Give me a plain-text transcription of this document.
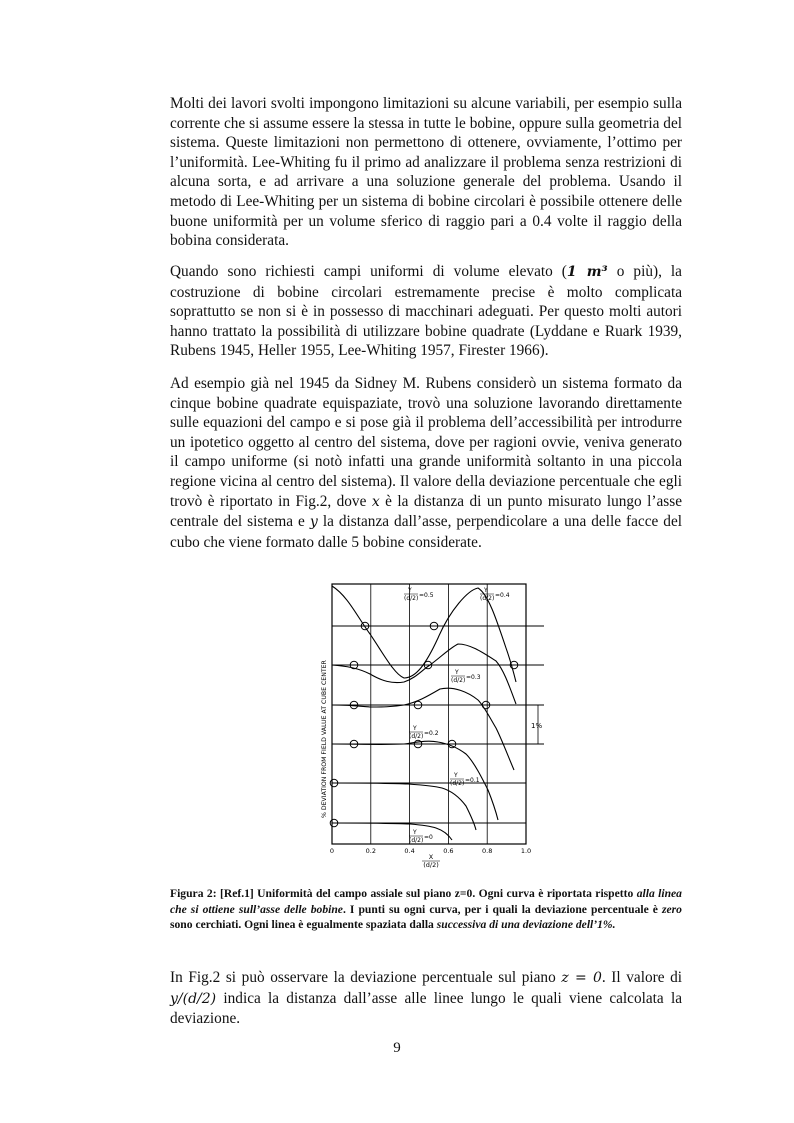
Molti dei lavori svolti impongono limitazioni su alcune variabili, per esempio sulla corrente che si assume essere la stessa in tutte le bobine, oppure sulla geometria del sistema. Queste limitazioni non permettono di ottenere, ovviamente, l’ottimo per l’uniformità. Lee-Whiting fu il primo ad analizzare il problema senza restrizioni di alcuna sorta, e ad arrivare a una soluzione generale del problema. Usando il metodo di Lee-Whiting per un sistema di bobine circolari è possibile ottenere delle buone uniformità per un volume sferico di raggio pari a 0.4 volte il raggio della bobina considerata.

Quando sono richiesti campi uniformi di volume elevato (1 m³ o più), la costruzione di bobine circolari estremamente precise è molto complicata soprattutto se non si è in possesso di macchinari adeguati. Per questo molti autori hanno trattato la possibilità di utilizzare bobine quadrate (Lyddane e Ruark 1939, Rubens 1945, Heller 1955, Lee-Whiting 1957, Firester 1966).

Ad esempio già nel 1945 da Sidney M. Rubens considerò un sistema formato da cinque bobine quadrate equispaziate, trovò una soluzione lavorando direttamente sulle equazioni del campo e si pose già il problema dell’accessibilità per introdurre un ipotetico oggetto al centro del sistema, dove per ragioni ovvie, veniva generato il campo uniforme (si notò infatti una grande uniformità soltanto in una piccola regione vicina al centro del sistema). Il valore della deviazione percentuale che egli trovò è riportato in Fig.2, dove x è la distanza di un punto misurato lungo l’asse centrale del sistema e y la distanza dall’asse, perpendicolare a una delle facce del cubo che viene formato dalle 5 bobine considerate.

1%
Y
(d/2) =0.5
Y
(d/2) =0.4
Y
(d/2) =0.3
Y
(d/2) =0.2
Y
(d/2) =0.1
Y
(d/2) =0
% DEVIATION FROM FIELD VALUE AT CUBE CENTER
0	0.2	0.4	0.6	0.8	1.0
X
(d/2)

Figura 2: [Ref.1] Uniformità del campo assiale sul piano z=0. Ogni curva è riportata rispetto alla linea che si ottiene sull’asse delle bobine. I punti su ogni curva, per i quali la deviazione percentuale è zero sono cerchiati. Ogni linea è egualmente spaziata dalla successiva di una deviazione dell’1%.

In Fig.2 si può osservare la deviazione percentuale sul piano z = 0. Il valore di y/(d/2) indica la distanza dall’asse alle linee lungo le quali viene calcolata la deviazione.

9
